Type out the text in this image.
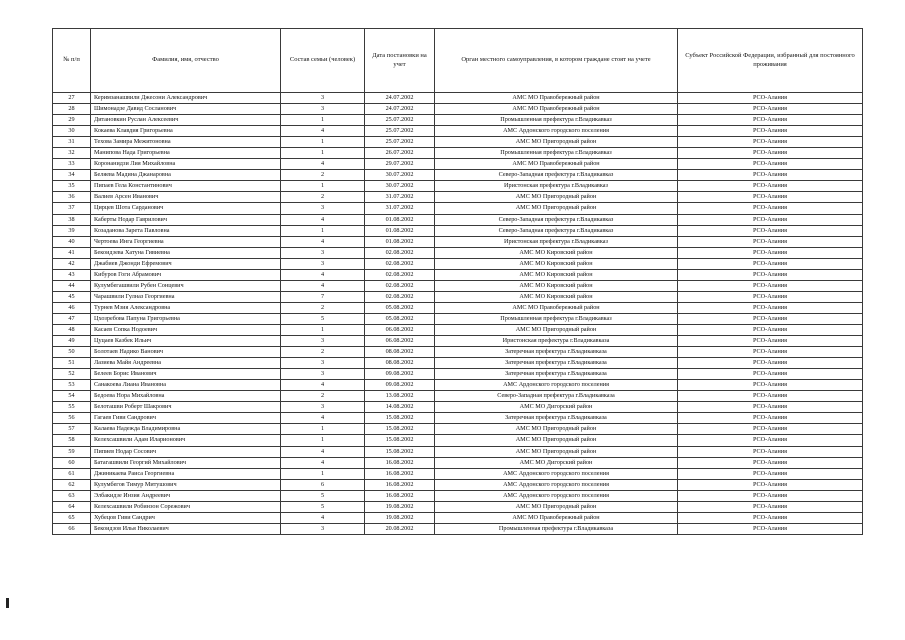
№ п/п	Фамилия, имя, отчество	Состав семьи (человек)	Дата постановки на учет	Орган местного самоуправления, в котором граждане стоят на учете	Субъект Российской Федерации, избранный для постоянного проживания
27	Керимзанашвили Джесони Александрович	3	24.07.2002	АМС МО Правобережный район	РСО-Алания
28	Шимонадзе Давид Сосланович	3	24.07.2002	АМС МО Правобережный район	РСО-Алания
29	Дитановкин Руслан Алексеевич	1	25.07.2002	Промышленная префектура г.Владикавказ	РСО-Алания
30	Кокаева Клавдия Григорьевна	4	25.07.2002	АМС Ардонского городского поселения	РСО-Алания
31	Техова Замира Межитоновна	1	25.07.2002	АМС МО Пригородный район	РСО-Алания
32	Манипова Нада Григорьевна	1	26.07.2002	Промышленная префектура г.Владикавказ	РСО-Алания
33	Коронанидзи Лия Михайловна	4	29.07.2002	АМС МО Правобережный район	РСО-Алания
34	Беляева Мадина Джанаровна	2	30.07.2002	Северо-Западная префектура г.Владикавказ	РСО-Алания
35	Пипаев Гела Константинович	1	30.07.2002	Иристонская префектура г.Владикавказ	РСО-Алания
36	Валиев Арсен Иванович	2	31.07.2002	АМС МО Пригородный район	РСО-Алания
37	Цирцев Шота Сарданович	3	31.07.2002	АМС МО Пригородный район	РСО-Алания
38	Каберты Нодар Гаврилович	4	01.08.2002	Северо-Западная префектура г.Владикавказ	РСО-Алания
39	Козаданова Зарета Павловна	1	01.08.2002	Северо-Западная префектура г.Владикавказ	РСО-Алания
40	Чертоева Инга Георгиевна	4	01.08.2002	Иристонская префектура г.Владикавказ	РСО-Алания
41	Бекоидзева Хатуна Гивиевна	3	02.08.2002	АМС МО Кировский район	РСО-Алания
42	Джабиев Джонди Ефремович	3	02.08.2002	АМС МО Кировский район	РСО-Алания
43	Кибуров Гоги Абрамович	4	02.08.2002	АМС МО Кировский район	РСО-Алания
44	Кулумбегашвили Рубен Сонцевич	4	02.08.2002	АМС МО Кировский район	РСО-Алания
45	Чарашвили Гулназ Георгиевна	7	02.08.2002	АМС МО Кировский район	РСО-Алания
46	Турнев Мзия Александровна	2	05.08.2002	АМС МО Правобережный район	РСО-Алания
47	Цхозребова Папуна Григорьевна	5	05.08.2002	Промышленная префектура г.Владикавказ	РСО-Алания
48	Касаев Сопка Нодоевич	1	06.08.2002	АМС МО Пригородный район	РСО-Алания
49	Цуцаев Казбек Ильич	3	06.08.2002	Иристонская префектура г.Владикавказа	РСО-Алания
50	Болотаев Надико Ванович	2	08.08.2002	Затеречная префектура г.Владикавказа	РСО-Алания
51	Лазиева Майя Андреевна	3	08.08.2002	Затеречная префектура г.Владикавказа	РСО-Алания
52	Белеев Борис Иванович	3	09.08.2002	Затеречная префектура г.Владикавказа	РСО-Алания
53	Санакоева Лиана Ивановна	4	09.08.2002	АМС Ардонского городского поселения	РСО-Алания
54	Бедоева Нора Михайловна	2	13.08.2002	Северо-Западная префектура г.Владикавказа	РСО-Алания
55	Белоташви Роберт Шакрович	3	14.08.2002	АМС МО Дигорский район	РСО-Алания
56	Гагаев Гиви Сандрович	4	15.08.2002	Затеречная префектура г.Владикавказа	РСО-Алания
57	Калаева Надежда Владимировна	1	15.08.2002	АМС МО Пригородный район	РСО-Алания
58	Келехсашвили Адам Иларионович	1	15.08.2002	АМС МО Пригородный район	РСО-Алания
59	Пипиев Нодар Сосович	4	15.08.2002	АМС МО Пригородный район	РСО-Алания
60	Батагашвили Георгий Михайлович	4	16.08.2002	АМС МО Дигорский район	РСО-Алания
61	Джиникаева Раиса Георгиевна	1	16.08.2002	АМС Ардонского городского поселения	РСО-Алания
62	Кулумбегов Тимур Митушович	6	16.08.2002	АМС Ардонского городского поселения	РСО-Алания
63	Элбакидзе Инзия Андреевич	5	16.08.2002	АМС Ардонского городского поселения	РСО-Алания
64	Келехсашвили Робинзон Сорежович	5	19.08.2002	АМС МО Пригородный район	РСО-Алания
65	Хубецов Гиви Сандрич	4	19.08.2002	АМС МО Правобережный район	РСО-Алания
66	Бекоидзов Илья Николаевич	3	20.08.2002	Промышленная префектура г.Владикавказа	РСО-Алания
